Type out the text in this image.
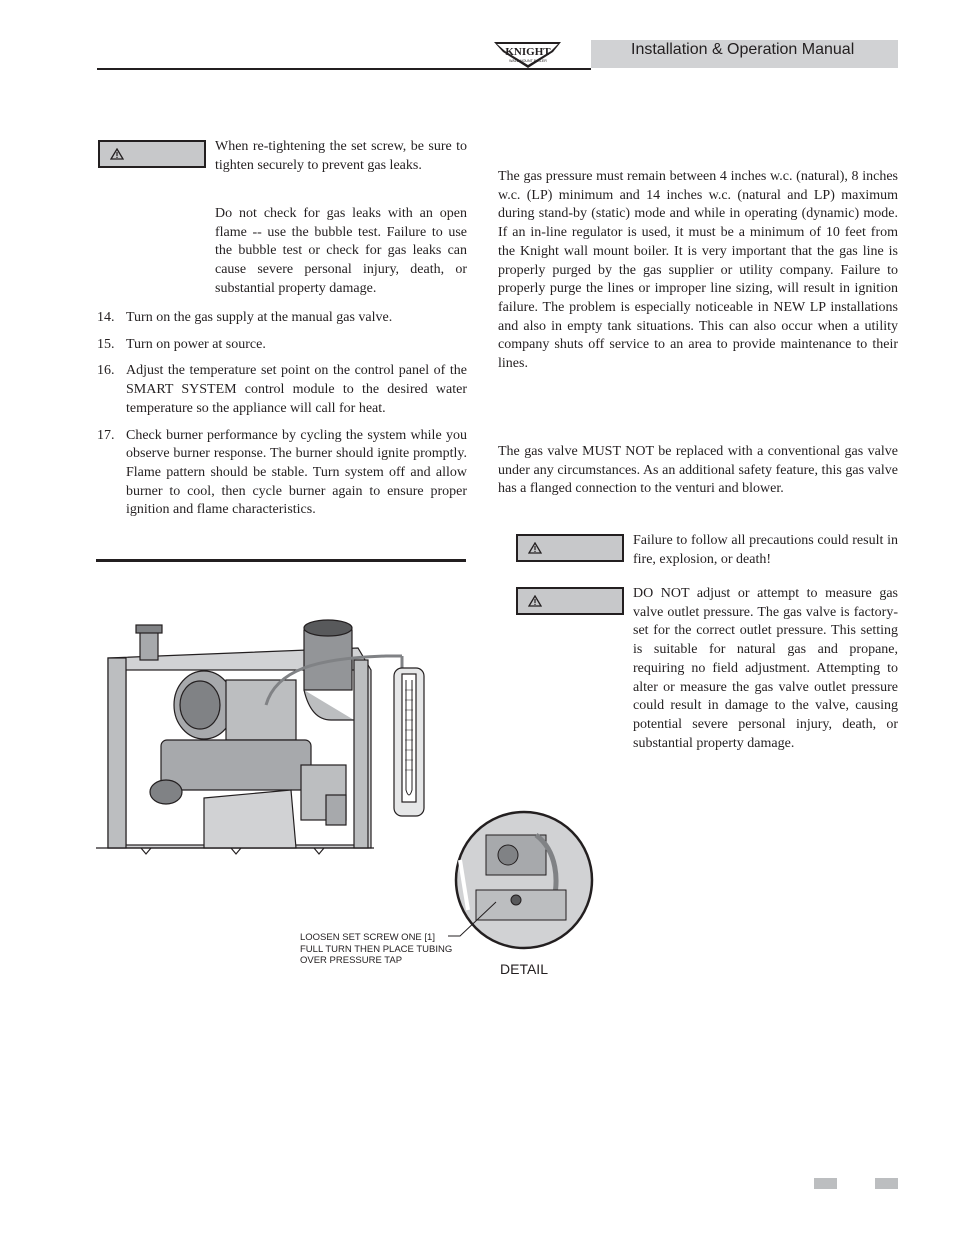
KNIGHT
WALL MOUNT BOILER
Installation & Operation Manual

When re-tightening the set screw, be sure to tighten securely to prevent gas leaks.

Do not check for gas leaks with an open flame -- use the bubble test. Failure to use the bubble test or check for gas leaks can cause severe personal injury, death, or substantial property damage.

14. Turn on the gas supply at the manual gas valve.
15. Turn on power at source.
16. Adjust the temperature set point on the control panel of the SMART SYSTEM control module to the desired water temperature so the appliance will call for heat.
17. Check burner performance by cycling the system while you observe burner response. The burner should ignite promptly. Flame pattern should be stable. Turn system off and allow burner to cool, then cycle burner again to ensure proper ignition and flame characteristics.
LOOSEN SET SCREW ONE [1] FULL TURN THEN PLACE TUBING OVER PRESSURE TAP
DETAIL

The gas pressure must remain between 4 inches w.c. (natural), 8 inches w.c. (LP) minimum and 14 inches w.c. (natural and LP) maximum during stand-by (static) mode and while in operating (dynamic) mode. If an in-line regulator is used, it must be a minimum of 10 feet from the Knight wall mount boiler. It is very important that the gas line is properly purged by the gas supplier or utility company. Failure to properly purge the lines or improper line sizing, will result in ignition failure. The problem is especially noticeable in NEW LP installations and also in empty tank situations. This can also occur when a utility company shuts off service to an area to provide maintenance to their lines.

The gas valve MUST NOT be replaced with a conventional gas valve under any circumstances. As an additional safety feature, this gas valve has a flanged connection to the venturi and blower.

Failure to follow all precautions could result in fire, explosion, or death!

DO NOT adjust or attempt to measure gas valve outlet pressure. The gas valve is factory-set for the correct outlet pressure. This setting is suitable for natural gas and propane, requiring no field adjustment. Attempting to alter or measure the gas valve outlet pressure could result in damage to the valve, causing potential severe personal injury, death, or substantial property damage.
